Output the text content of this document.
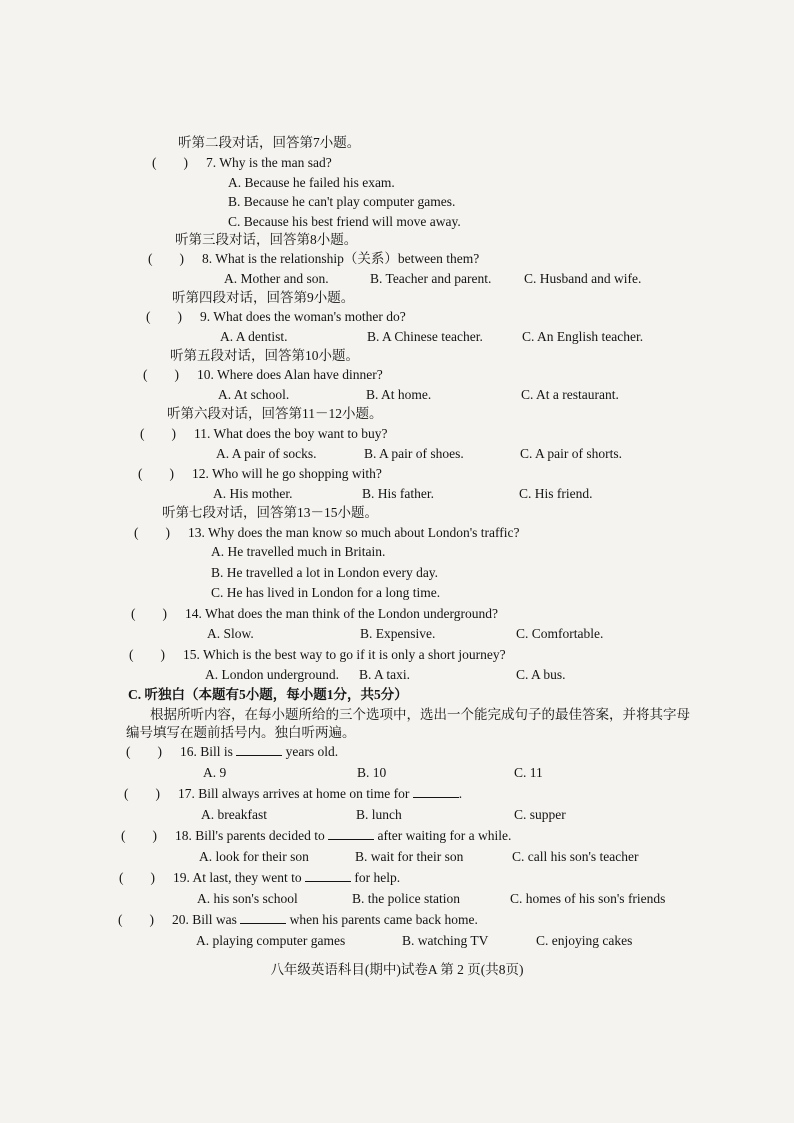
听第二段对话，回答第7小题。
(　　) 7. Why is the man sad?
A. Because he failed his exam.
B. Because he can't play computer games.
C. Because his best friend will move away.
听第三段对话，回答第8小题。
(　　) 8. What is the relationship（关系）between them?
A. Mother and son.	B. Teacher and parent. C. Husband and wife.
听第四段对话，回答第9小题。
(　　) 9. What does the woman's mother do?
A. A dentist.	B. A Chinese teacher.	C. An English teacher.
听第五段对话，回答第10小题。
(　　) 10. Where does Alan have dinner?
A. At school.	B. At home.	C. At a restaurant.
听第六段对话，回答第11－12小题。
(　　) 11. What does the boy want to buy?
A. A pair of socks.	B. A pair of shoes.	C. A pair of shorts.
(　　) 12. Who will he go shopping with?
A. His mother.	B. His father.	C. His friend.
听第七段对话，回答第13－15小题。
(　　) 13. Why does the man know so much about London's traffic?
A. He travelled much in Britain.
B. He travelled a lot in London every day.
C. He has lived in London for a long time.
(　　) 14. What does the man think of the London underground?
A. Slow.	B. Expensive.	C. Comfortable.
(　　) 15. Which is the best way to go if it is only a short journey?
A. London underground. B. A taxi.	C. A bus.
C. 听独白（本题有5小题，每小题1分，共5分）
根据所听内容，在每小题所给的三个选项中，选出一个能完成句子的最佳答案，并将其字母
编号填写在题前括号内。独白听两遍。
(　　) 16. Bill is	years old.
A. 9	B. 10	C. 11
(　　) 17. Bill always arrives at home on time for	.
A. breakfast	B. lunch	C. supper
(　　) 18. Bill's parents decided to	after waiting for a while.
A. look for their son	B. wait for their son	C. call his son's teacher
(　　) 19. At last, they went to	for help.
A. his son's school	B. the police station	C. homes of his son's friends
(　　) 20. Bill was	when his parents came back home.
A. playing computer games	B. watching TV	C. enjoying cakes
八年级英语科目(期中)试卷A 第 2 页(共8页)
